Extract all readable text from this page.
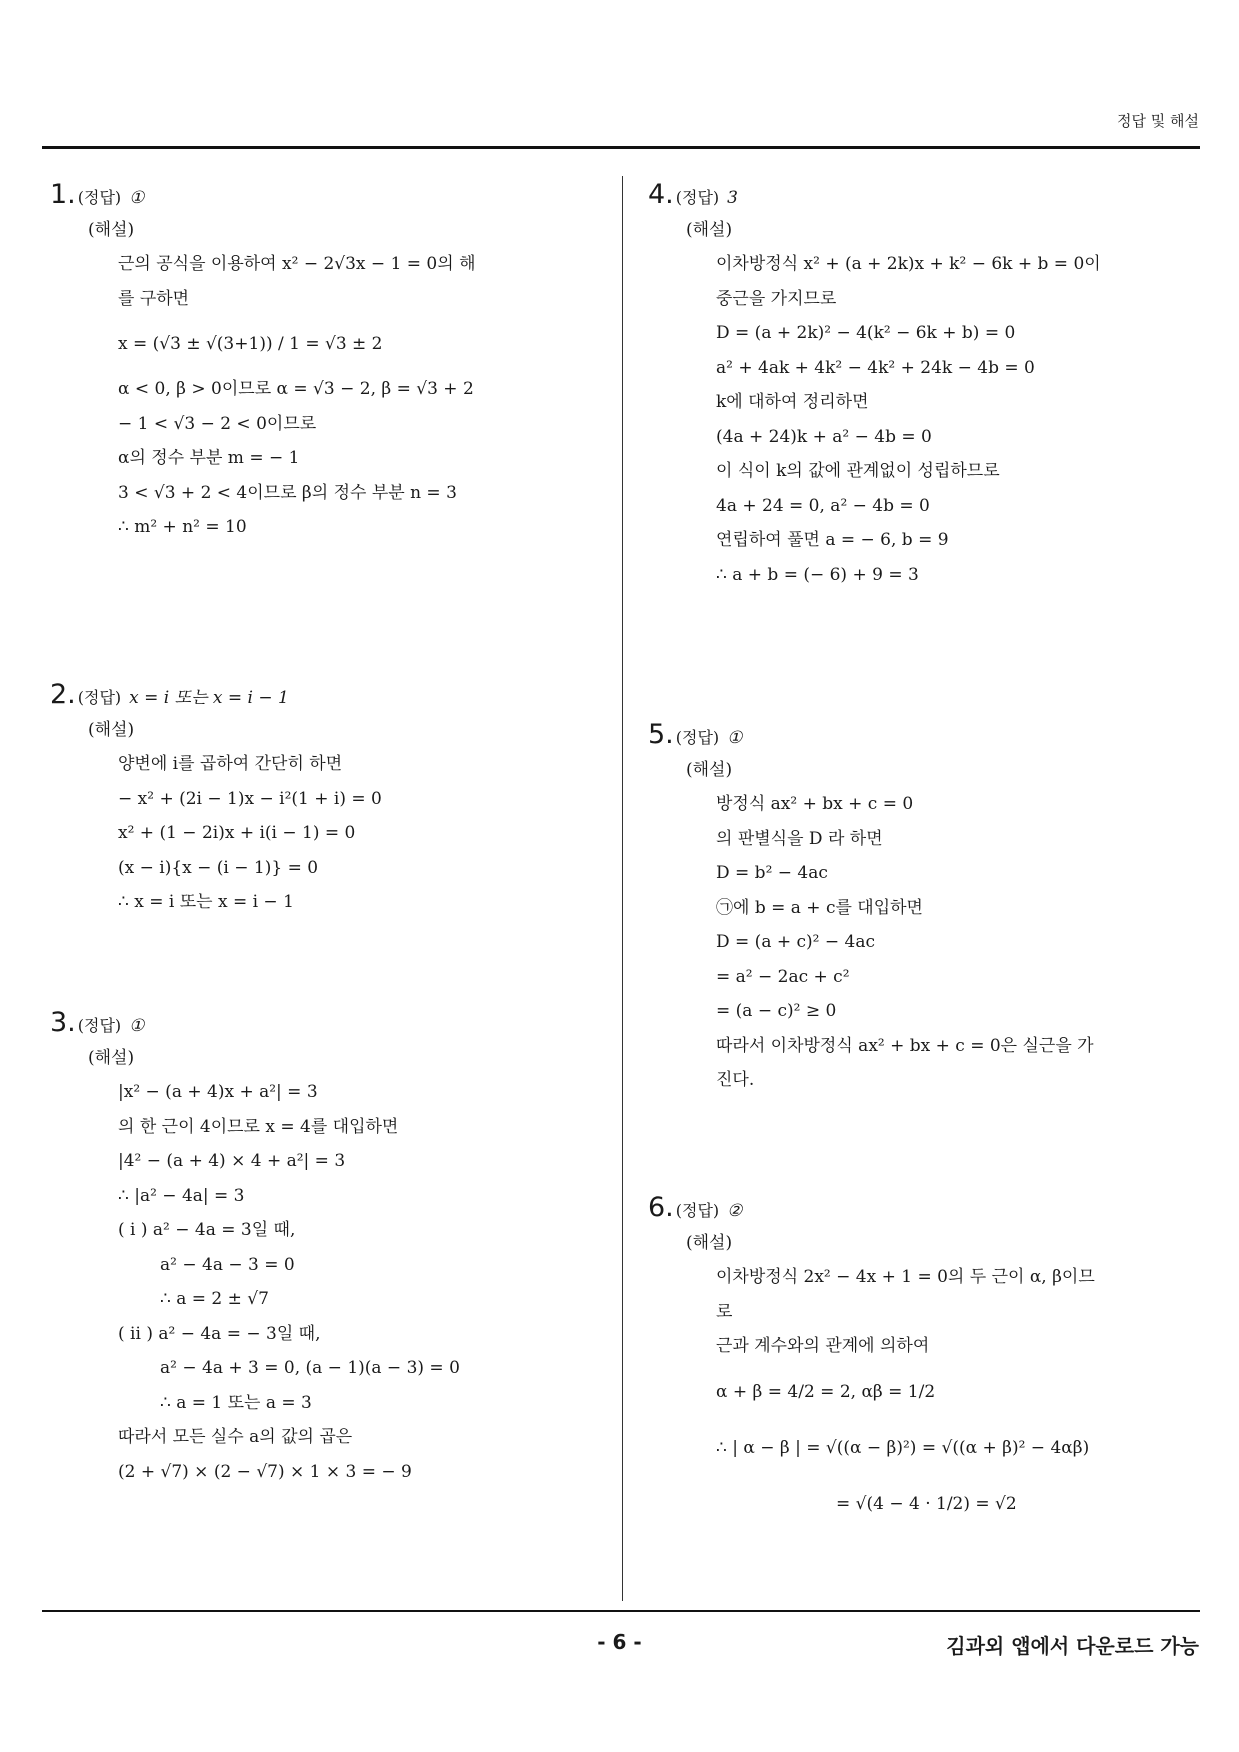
정답 및 해설
1. (정답) ①
(해설)
근의 공식을 이용하여 x² − 2√3x − 1 = 0의 해
를 구하면
x = (√3 ± √(3+1)) / 1 = √3 ± 2
α < 0, β > 0이므로 α = √3 − 2, β = √3 + 2
− 1 < √3 − 2 < 0이므로
α의 정수 부분 m = − 1
3 < √3 + 2 < 4이므로 β의 정수 부분 n = 3
∴ m² + n² = 10
2. (정답) x = i 또는 x = i − 1
(해설)
양변에 i를 곱하여 간단히 하면
− x² + (2i − 1)x − i²(1 + i) = 0
x² + (1 − 2i)x + i(i − 1) = 0
(x − i){x − (i − 1)} = 0
∴ x = i 또는 x = i − 1
3. (정답) ①
(해설)
|x² − (a + 4)x + a²| = 3
의 한 근이 4이므로 x = 4를 대입하면
|4² − (a + 4) × 4 + a²| = 3
∴ |a² − 4a| = 3
( i ) a² − 4a = 3일 때,
a² − 4a − 3 = 0
∴ a = 2 ± √7
( ii ) a² − 4a = − 3일 때,
a² − 4a + 3 = 0, (a − 1)(a − 3) = 0
∴ a = 1 또는 a = 3
따라서 모든 실수 a의 값의 곱은
(2 + √7) × (2 − √7) × 1 × 3 = − 9
4. (정답) 3
(해설)
이차방정식 x² + (a + 2k)x + k² − 6k + b = 0이
중근을 가지므로
D = (a + 2k)² − 4(k² − 6k + b) = 0
a² + 4ak + 4k² − 4k² + 24k − 4b = 0
k에 대하여 정리하면
(4a + 24)k + a² − 4b = 0
이 식이 k의 값에 관계없이 성립하므로
4a + 24 = 0, a² − 4b = 0
연립하여 풀면 a = − 6, b = 9
∴ a + b = (− 6) + 9 = 3
5. (정답) ①
(해설)
방정식 ax² + bx + c = 0
의 판별식을 D 라 하면
D = b² − 4ac
㉠에 b = a + c를 대입하면
D = (a + c)² − 4ac
= a² − 2ac + c²
= (a − c)² ≥ 0
따라서 이차방정식 ax² + bx + c = 0은 실근을 가
진다.
6. (정답) ②
(해설)
이차방정식 2x² − 4x + 1 = 0의 두 근이 α, β이므
로
근과 계수와의 관계에 의하여
α + β = 4/2 = 2, αβ = 1/2
∴ | α − β | = √((α − β)²) = √((α + β)² − 4αβ)
= √(4 − 4 · 1/2) = √2
- 6 -	김과외 앱에서 다운로드 가능
